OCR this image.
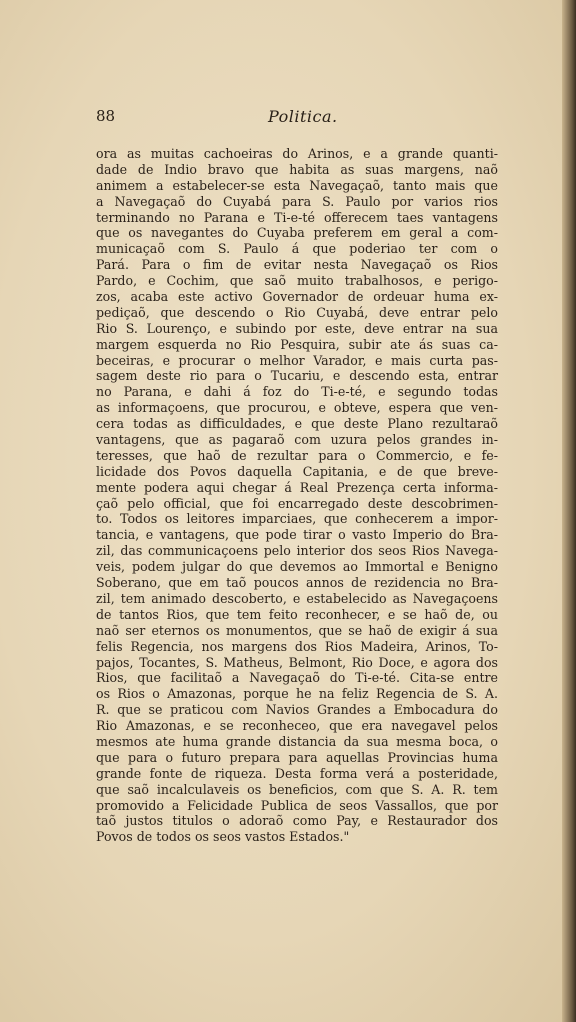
88	Politica.
ora as muitas cachoeiras do Arinos, e a grande quanti-
dade de Indio bravo que habita as suas margens, naõ
animem a estabelecer-se esta Navegaçaõ, tanto mais que
a Navegaçaõ do Cuyabá para S. Paulo por varios rios
terminando no Parana e Ti-e-té offerecem taes vantagens
que os navegantes do Cuyaba preferem em geral a com-
municaçaõ com S. Paulo á que poderiao ter com o
Pará. Para o fim de evitar nesta Navegaçaõ os Rios
Pardo, e Cochim, que saõ muito trabalhosos, e perigo-
zos, acaba este activo Governador de ordeuar huma ex-
pediçaõ, que descendo o Rio Cuyabá, deve entrar pelo
Rio S. Lourenço, e subindo por este, deve entrar na sua
margem esquerda no Rio Pesquira, subir ate ás suas ca-
beceiras, e procurar o melhor Varador, e mais curta pas-
sagem deste rio para o Tucariu, e descendo esta, entrar
no Parana, e dahi á foz do Ti-e-té, e segundo todas
as informaçoens, que procurou, e obteve, espera que ven-
cera todas as difficuldades, e que deste Plano rezultaraõ
vantagens, que as pagaraõ com uzura pelos grandes in-
teresses, que haõ de rezultar para o Commercio, e fe-
licidade dos Povos daquella Capitania, e de que breve-
mente podera aqui chegar á Real Prezença certa informa-
çaõ pelo official, que foi encarregado deste descobrimen-
to. Todos os leitores imparciaes, que conhecerem a impor-
tancia, e vantagens, que pode tirar o vasto Imperio do Bra-
zil, das communicaçoens pelo interior dos seos Rios Navega-
veis, podem julgar do que devemos ao Immortal e Benigno
Soberano, que em taõ poucos annos de rezidencia no Bra-
zil, tem animado descoberto, e estabelecido as Navegaçoens
de tantos Rios, que tem feito reconhecer, e se haõ de, ou
naõ ser eternos os monumentos, que se haõ de exigir á sua
felis Regencia, nos margens dos Rios Madeira, Arinos, To-
pajos, Tocantes, S. Matheus, Belmont, Rio Doce, e agora dos
Rios, que facilitaõ a Navegaçaõ do Ti-e-té. Cita-se entre
os Rios o Amazonas, porque he na feliz Regencia de S. A.
R. que se praticou com Navios Grandes a Embocadura do
Rio Amazonas, e se reconheceo, que era navegavel pelos
mesmos ate huma grande distancia da sua mesma boca, o
que para o futuro prepara para aquellas Provincias huma
grande fonte de riqueza. Desta forma verá a posteridade,
que saõ incalculaveis os beneficios, com que S. A. R. tem
promovido a Felicidade Publica de seos Vassallos, que por
taõ justos titulos o adoraõ como Pay, e Restaurador dos
Povos de todos os seos vastos Estados."
